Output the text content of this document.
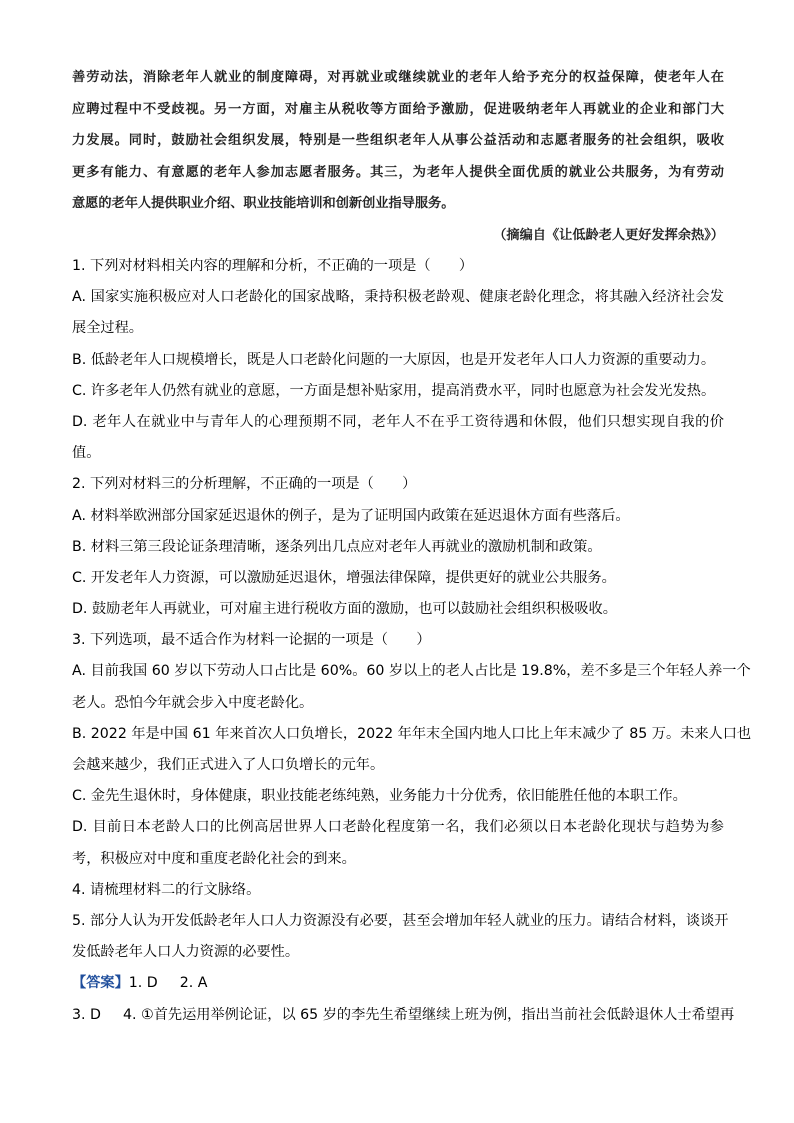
善劳动法，消除老年人就业的制度障碍，对再就业或继续就业的老年人给予充分的权益保障，使老年人在
应聘过程中不受歧视。另一方面，对雇主从税收等方面给予激励，促进吸纳老年人再就业的企业和部门大
力发展。同时，鼓励社会组织发展，特别是一些组织老年人从事公益活动和志愿者服务的社会组织，吸收
更多有能力、有意愿的老年人参加志愿者服务。其三，为老年人提供全面优质的就业公共服务，为有劳动
意愿的老年人提供职业介绍、职业技能培训和创新创业指导服务。
（摘编自《让低龄老人更好发挥余热》）
1. 下列对材料相关内容的理解和分析，不正确的一项是（　　）
A. 国家实施积极应对人口老龄化的国家战略，秉持积极老龄观、健康老龄化理念，将其融入经济社会发
展全过程。
B. 低龄老年人口规模增长，既是人口老龄化问题的一大原因，也是开发老年人口人力资源的重要动力。
C. 许多老年人仍然有就业的意愿，一方面是想补贴家用，提高消费水平，同时也愿意为社会发光发热。
D. 老年人在就业中与青年人的心理预期不同，老年人不在乎工资待遇和休假，他们只想实现自我的价
值。
2. 下列对材料三的分析理解，不正确的一项是（　　）
A. 材料举欧洲部分国家延迟退休的例子，是为了证明国内政策在延迟退休方面有些落后。
B. 材料三第三段论证条理清晰，逐条列出几点应对老年人再就业的激励机制和政策。
C. 开发老年人力资源，可以激励延迟退休，增强法律保障，提供更好的就业公共服务。
D. 鼓励老年人再就业，可对雇主进行税收方面的激励，也可以鼓励社会组织积极吸收。
3. 下列选项，最不适合作为材料一论据的一项是（　　）
A. 目前我国 60 岁以下劳动人口占比是 60%。60 岁以上的老人占比是 19.8%，差不多是三个年轻人养一个
老人。恐怕今年就会步入中度老龄化。
B. 2022 年是中国 61 年来首次人口负增长，2022 年年末全国内地人口比上年末减少了 85 万。未来人口也
会越来越少，我们正式进入了人口负增长的元年。
C. 金先生退休时，身体健康，职业技能老练纯熟，业务能力十分优秀，依旧能胜任他的本职工作。
D. 目前日本老龄人口的比例高居世界人口老龄化程度第一名，我们必须以日本老龄化现状与趋势为参
考，积极应对中度和重度老龄化社会的到来。
4. 请梳理材料二的行文脉络。
5. 部分人认为开发低龄老年人口人力资源没有必要，甚至会增加年轻人就业的压力。请结合材料，谈谈开
发低龄老年人口人力资源的必要性。
【答案】1. D 2. A
3. D 4. ①首先运用举例论证，以 65 岁的李先生希望继续上班为例，指出当前社会低龄退休人士希望再
